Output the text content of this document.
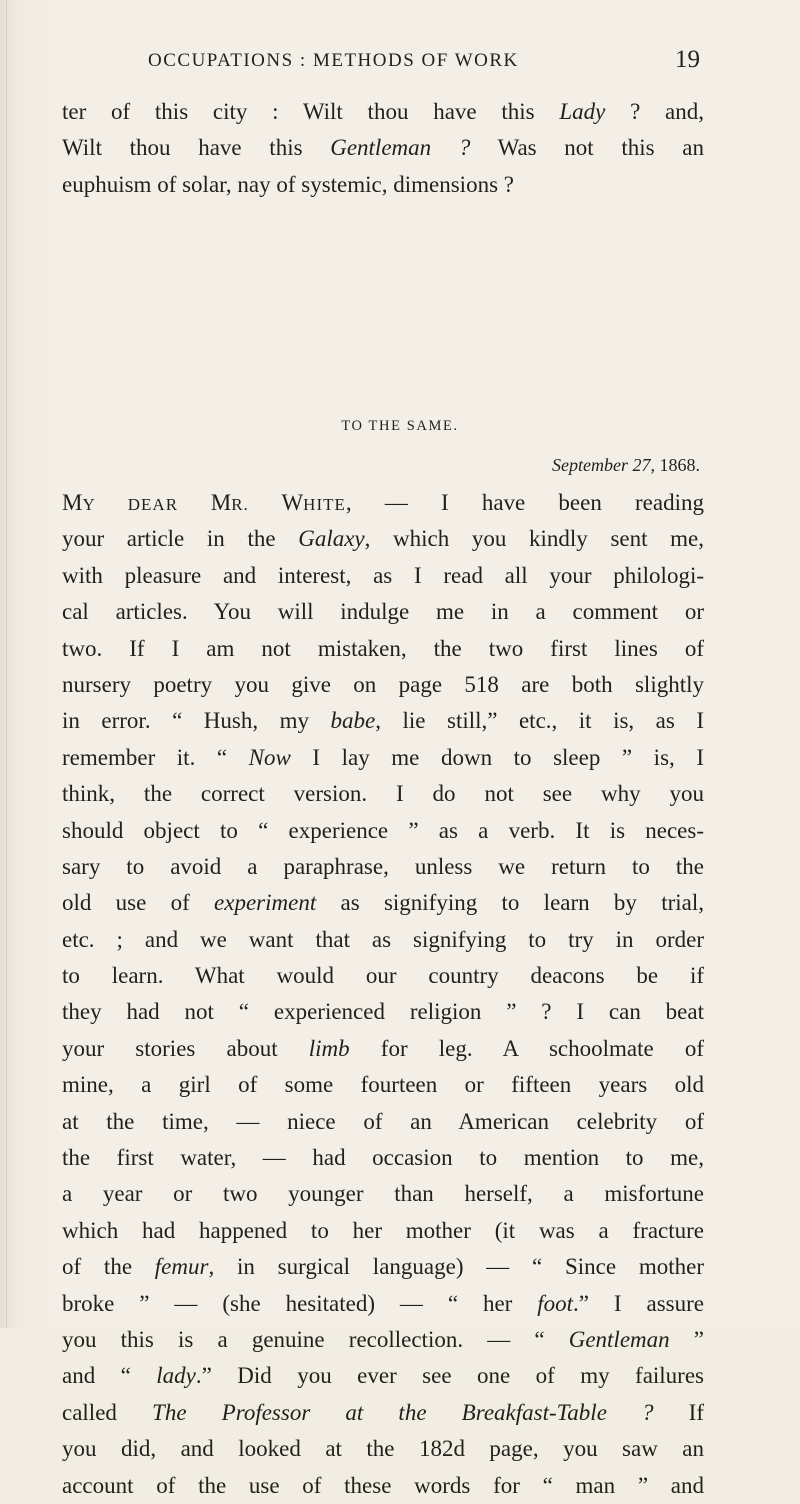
OCCUPATIONS : METHODS OF WORK	19
ter of this city : Wilt thou have this Lady ? and,
Wilt thou have this Gentleman ? Was not this an
euphuism of solar, nay of systemic, dimensions ?
TO THE SAME.
September 27, 1868.
MY DEAR MR. WHITE, — I have been reading
your article in the Galaxy, which you kindly sent me,
with pleasure and interest, as I read all your philologi-
cal articles. You will indulge me in a comment or
two. If I am not mistaken, the two first lines of
nursery poetry you give on page 518 are both slightly
in error. “ Hush, my babe, lie still,” etc., it is, as I
remember it. “ Now I lay me down to sleep ” is, I
think, the correct version. I do not see why you
should object to “ experience ” as a verb. It is neces-
sary to avoid a paraphrase, unless we return to the
old use of experiment as signifying to learn by trial,
etc. ; and we want that as signifying to try in order
to learn. What would our country deacons be if
they had not “ experienced religion ” ? I can beat
your stories about limb for leg. A schoolmate of
mine, a girl of some fourteen or fifteen years old
at the time, — niece of an American celebrity of
the first water, — had occasion to mention to me,
a year or two younger than herself, a misfortune
which had happened to her mother (it was a fracture
of the femur, in surgical language) — “ Since mother
broke ” — (she hesitated) — “ her foot.” I assure
you this is a genuine recollection. — “ Gentleman ”
and “ lady.” Did you ever see one of my failures
called The Professor at the Breakfast-Table ? If
you did, and looked at the 182d page, you saw an
account of the use of these words for “ man ” and
